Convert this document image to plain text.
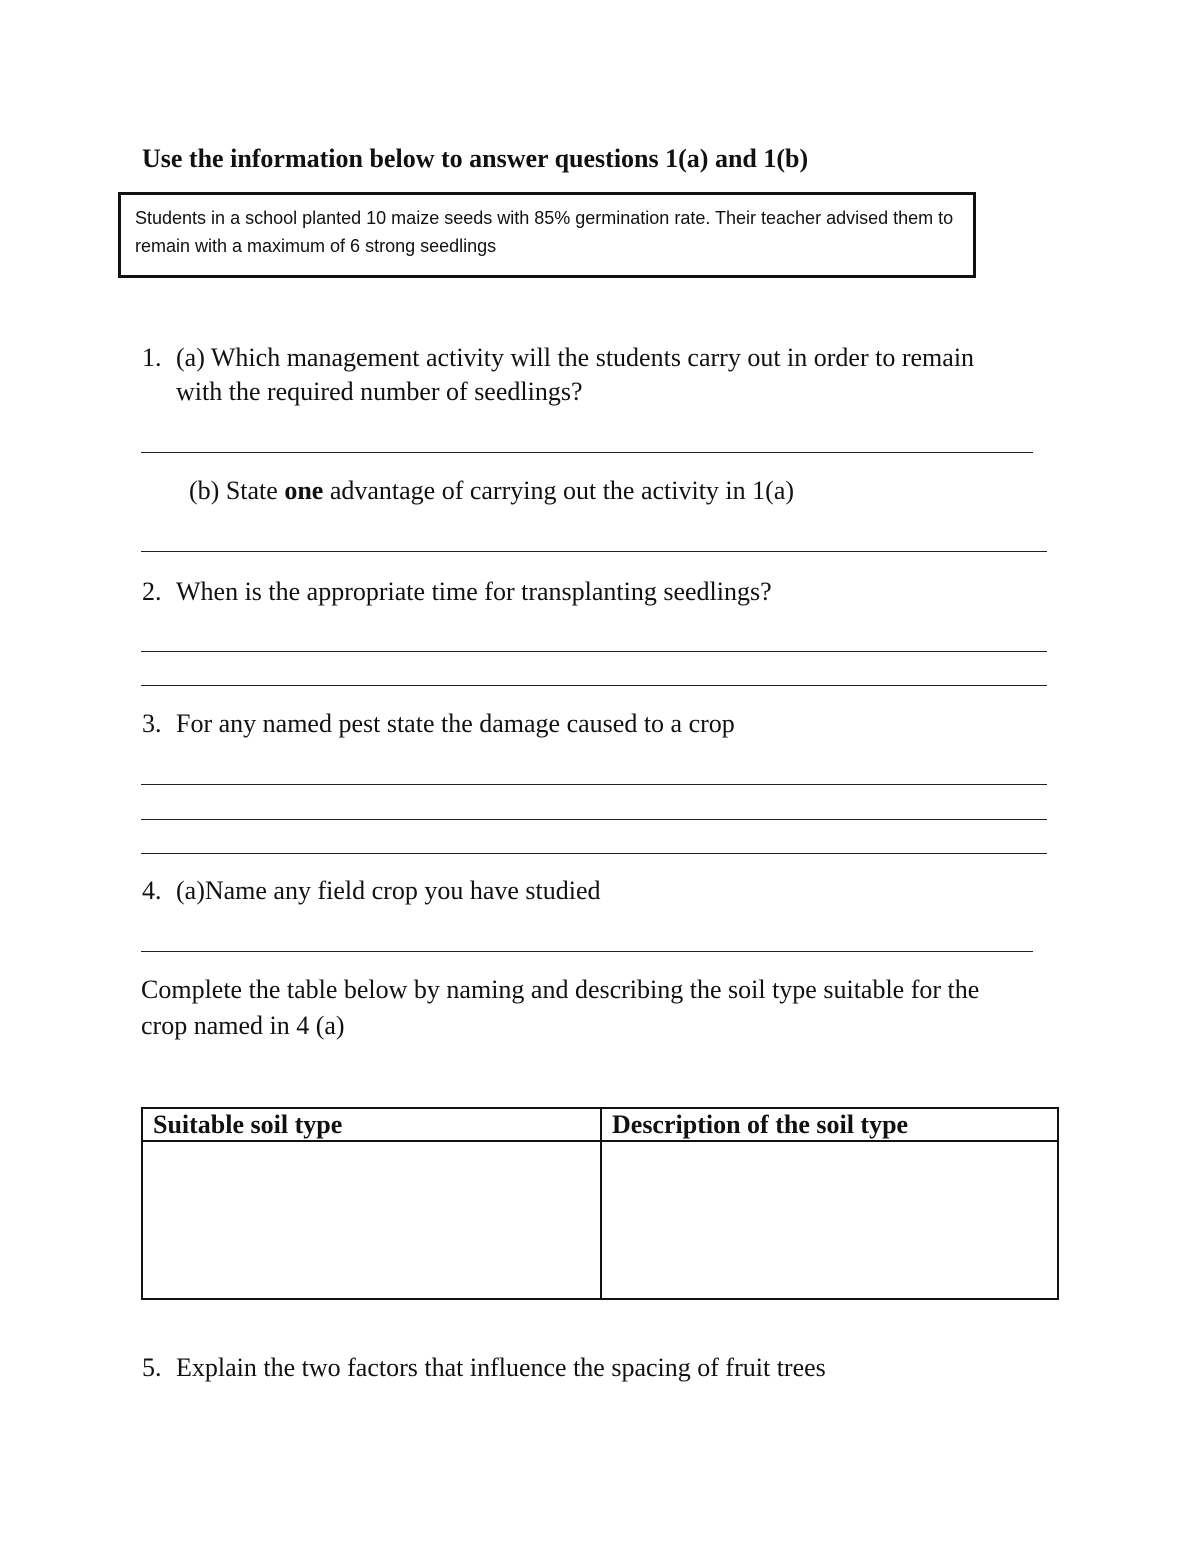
Use the information below to answer questions 1(a) and 1(b)
Students in a school planted 10 maize seeds with 85% germination rate. Their teacher advised them to remain with a maximum of 6 strong seedlings
1. (a) Which management activity will the students carry out in order to remain
with the required number of seedlings?
(b) State one advantage of carrying out the activity in 1(a)
2. When is the appropriate time for transplanting seedlings?
3. For any named pest state the damage caused to a crop
4. (a)Name any field crop you have studied
Complete the table below by naming and describing the soil type suitable for the
crop named in 4 (a)
Suitable soil type	Description of the soil type

5. Explain the two factors that influence the spacing of fruit trees
